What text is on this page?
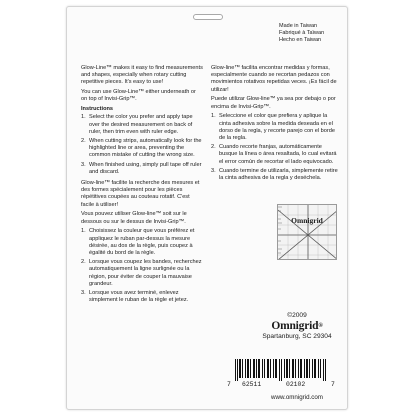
Made in Taiwan
Fabriqué à Taïwan
Hecho en Taiwan

Glow-Line™ makes it easy to find measurements and shapes, especially when rotary cutting repetitive pieces. It's easy to use!

You can use Glow-Line™ either underneath or on top of Invisi-Grip™.

Instructions
1. Select the color you prefer and apply tape over the desired measurement on back of ruler, then trim even with ruler edge.
2. When cutting strips, automatically look for the highlighted line or area, preventing the common mistake of cutting the wrong size.
3. When finished using, simply pull tape off ruler and discard.

Glow-line™ facilite la recherche des mesures et des formes spécialement pour les pièces répétitives coupées au couteau rotatif. C'est facile à utiliser!

Vous pouvez utiliser Glow-line™ soit sur le dessous ou sur le dessus de Invisi-Grip™.

1. Choisissez la couleur que vous préférez et appliquez le ruban par-dessus la mesure désirée, au dos de la règle, puis coupez à égalité du bord de la règle.
2. Lorsque vous coupez les bandes, recherchez automatiquement la ligne surlignée ou la région, pour éviter de couper la mauvaise grandeur.
3. Lorsque vous avez terminé, enlevez simplement le ruban de la règle et jetez.

Glow-line™ facilita encontrar medidas y formas, especialmente cuando se recortan pedazos con movimientos rotativos repetidas veces. ¡Es fácil de utilizar!

Puede utilizar Glow-line™ ya sea por debajo o por encima de Invisi-Grip™.

1. Seleccione el color que prefiera y aplique la cinta adhesiva sobre la medida deseada en el dorso de la regla, y recorte parejo con el borde de la regla.
2. Cuando recorte franjas, automáticamente busque la línea o área resaltada, lo cual evitará el error común de recortar el lado equivocado.
3. Cuando termine de utilizarla, simplemente retire la cinta adhesiva de la regla y deséchela.
Omnigrid
©2009
Omnigrid®
Spartanburg, SC 29304
7 62511	02102	7
www.omnigrid.com
